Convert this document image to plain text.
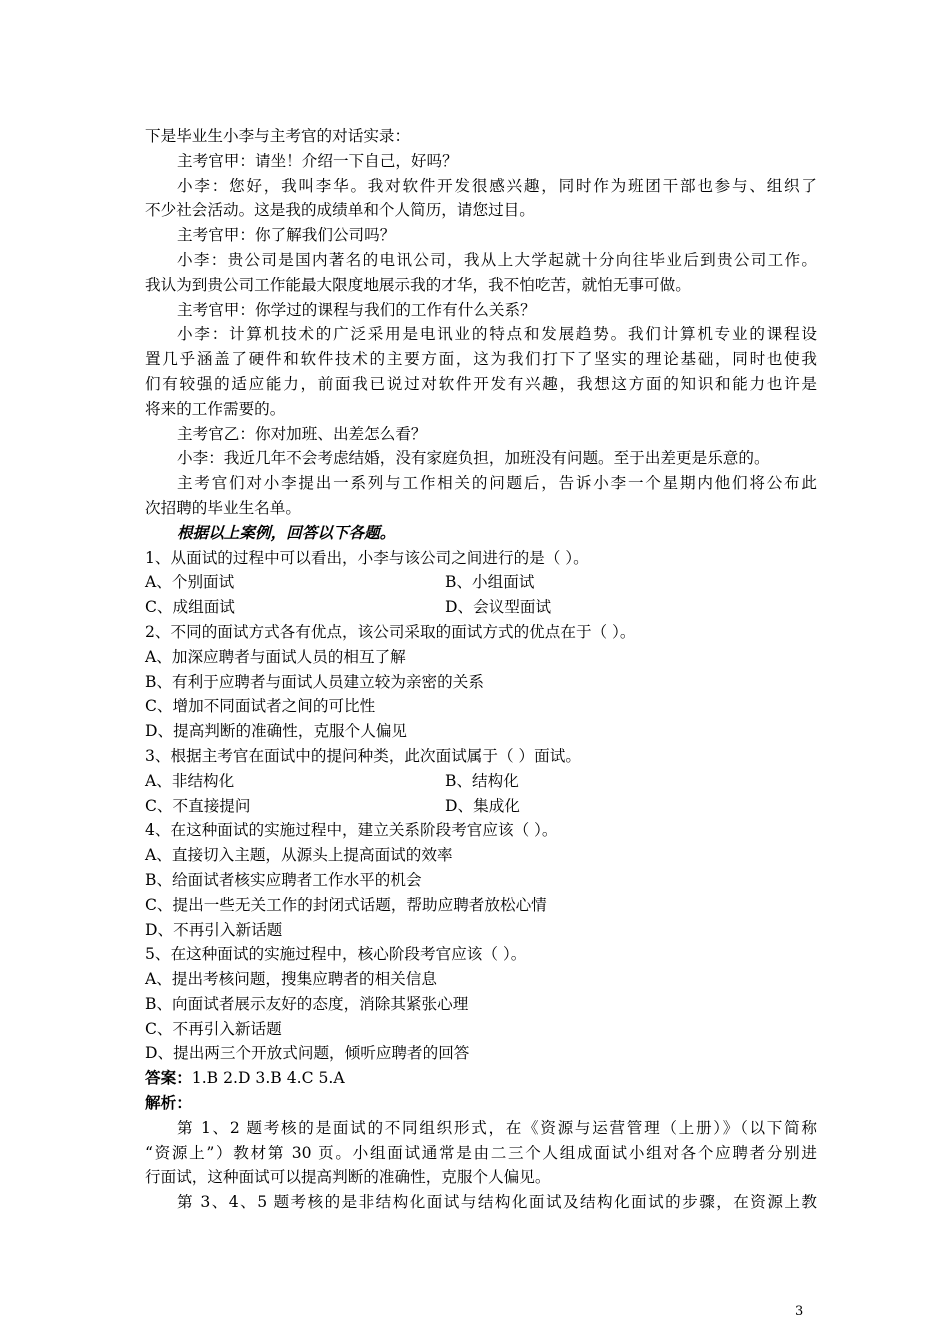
下是毕业生小李与主考官的对话实录：
主考官甲：请坐！介绍一下自己，好吗？
小李：您好，我叫李华。我对软件开发很感兴趣，同时作为班团干部也参与、组织了
不少社会活动。这是我的成绩单和个人简历，请您过目。
主考官甲：你了解我们公司吗？
小李：贵公司是国内著名的电讯公司，我从上大学起就十分向往毕业后到贵公司工作。
我认为到贵公司工作能最大限度地展示我的才华，我不怕吃苦，就怕无事可做。
主考官甲：你学过的课程与我们的工作有什么关系？
小李：计算机技术的广泛采用是电讯业的特点和发展趋势。我们计算机专业的课程设
置几乎涵盖了硬件和软件技术的主要方面，这为我们打下了坚实的理论基础，同时也使我
们有较强的适应能力，前面我已说过对软件开发有兴趣，我想这方面的知识和能力也许是
将来的工作需要的。
主考官乙：你对加班、出差怎么看？
小李：我近几年不会考虑结婚，没有家庭负担，加班没有问题。至于出差更是乐意的。
主考官们对小李提出一系列与工作相关的问题后，告诉小李一个星期内他们将公布此
次招聘的毕业生名单。
根据以上案例，回答以下各题。
1、从面试的过程中可以看出，小李与该公司之间进行的是（ ）。
A、个别面试	B、小组面试
C、成组面试	D、会议型面试
2、不同的面试方式各有优点，该公司采取的面试方式的优点在于（ ）。
A、加深应聘者与面试人员的相互了解
B、有利于应聘者与面试人员建立较为亲密的关系
C、增加不同面试者之间的可比性
D、提高判断的准确性，克服个人偏见
3、根据主考官在面试中的提问种类，此次面试属于（ ）面试。
A、非结构化	B、结构化
C、不直接提问	D、集成化
4、在这种面试的实施过程中，建立关系阶段考官应该（ ）。
A、直接切入主题，从源头上提高面试的效率
B、给面试者核实应聘者工作水平的机会
C、提出一些无关工作的封闭式话题，帮助应聘者放松心情
D、不再引入新话题
5、在这种面试的实施过程中，核心阶段考官应该（ ）。
A、提出考核问题，搜集应聘者的相关信息
B、向面试者展示友好的态度，消除其紧张心理
C、不再引入新话题
D、提出两三个开放式问题，倾听应聘者的回答
答案：1.B 2.D 3.B 4.C 5.A
解析：
第 1、2 题考核的是面试的不同组织形式，在《资源与运营管理（上册）》（以下简称
“资源上”）教材第 30 页。小组面试通常是由二三个人组成面试小组对各个应聘者分别进
行面试，这种面试可以提高判断的准确性，克服个人偏见。
第 3、4、5 题考核的是非结构化面试与结构化面试及结构化面试的步骤，在资源上教
3
